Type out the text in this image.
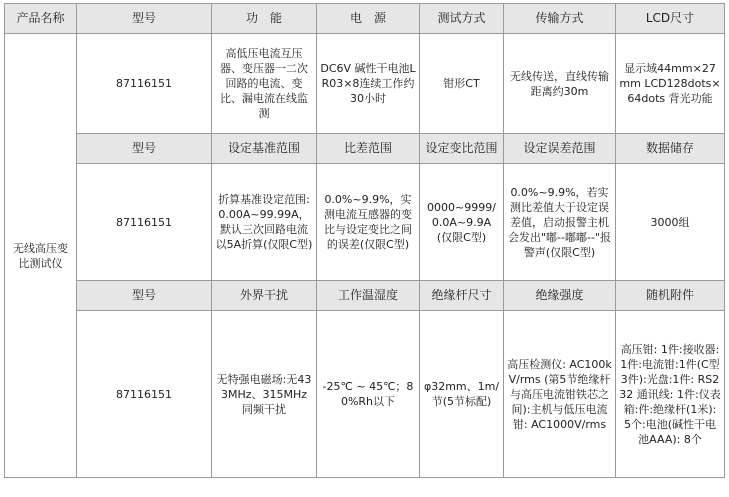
产品名称	型号	功　能	电　源	测试方式	传输方式	LCD尺寸
无线高压变比测试仪	87116151	高低压电流互压器、变压器一二次回路的电流、变比、漏电流在线监测	DC6V 碱性干电池LR03×8连续工作约30小时	钳形CT	无线传送，直线传输距离约30m	显示域44mm×27mm LCD128dots×64dots 背光功能
	型号	设定基准范围	比差范围	设定变比范围	设定误差范围	数据储存
	87116151	折算基准设定范围: 0.00A~99.99A，默认三次回路电流以5A折算(仅限C型)	0.0%~9.9%，实测电流互感器的变比与设定变比之间的误差(仅限C型)	0000~9999/0.0A~9.9A (仅限C型)	0.0%~9.9%，若实测比差值大于设定误差值，启动报警主机会发出"嘟--嘟嘟--"报警声(仅限C型)	3000组
	型号	外界干扰	工作温湿度	绝缘杆尺寸	绝缘强度	随机附件
	87116151	无特强电磁场:无433MHz、315MHz 同频干扰	-25℃ ~ 45℃；80%Rh以下	φ32mm、1m/节(5节标配)	高压检测仪: AC100kV/rms (第5节绝缘杆与高压电流钳铁芯之间):主机与低压电流钳: AC1000V/rms	高压钳: 1件:接收器: 1件:电流钳:1件(C型3件):光盘:1件: RS232 通讯线: 1件:仪表箱:件:绝缘杆(1米): 5个:电池(碱性干电池AAA): 8个
